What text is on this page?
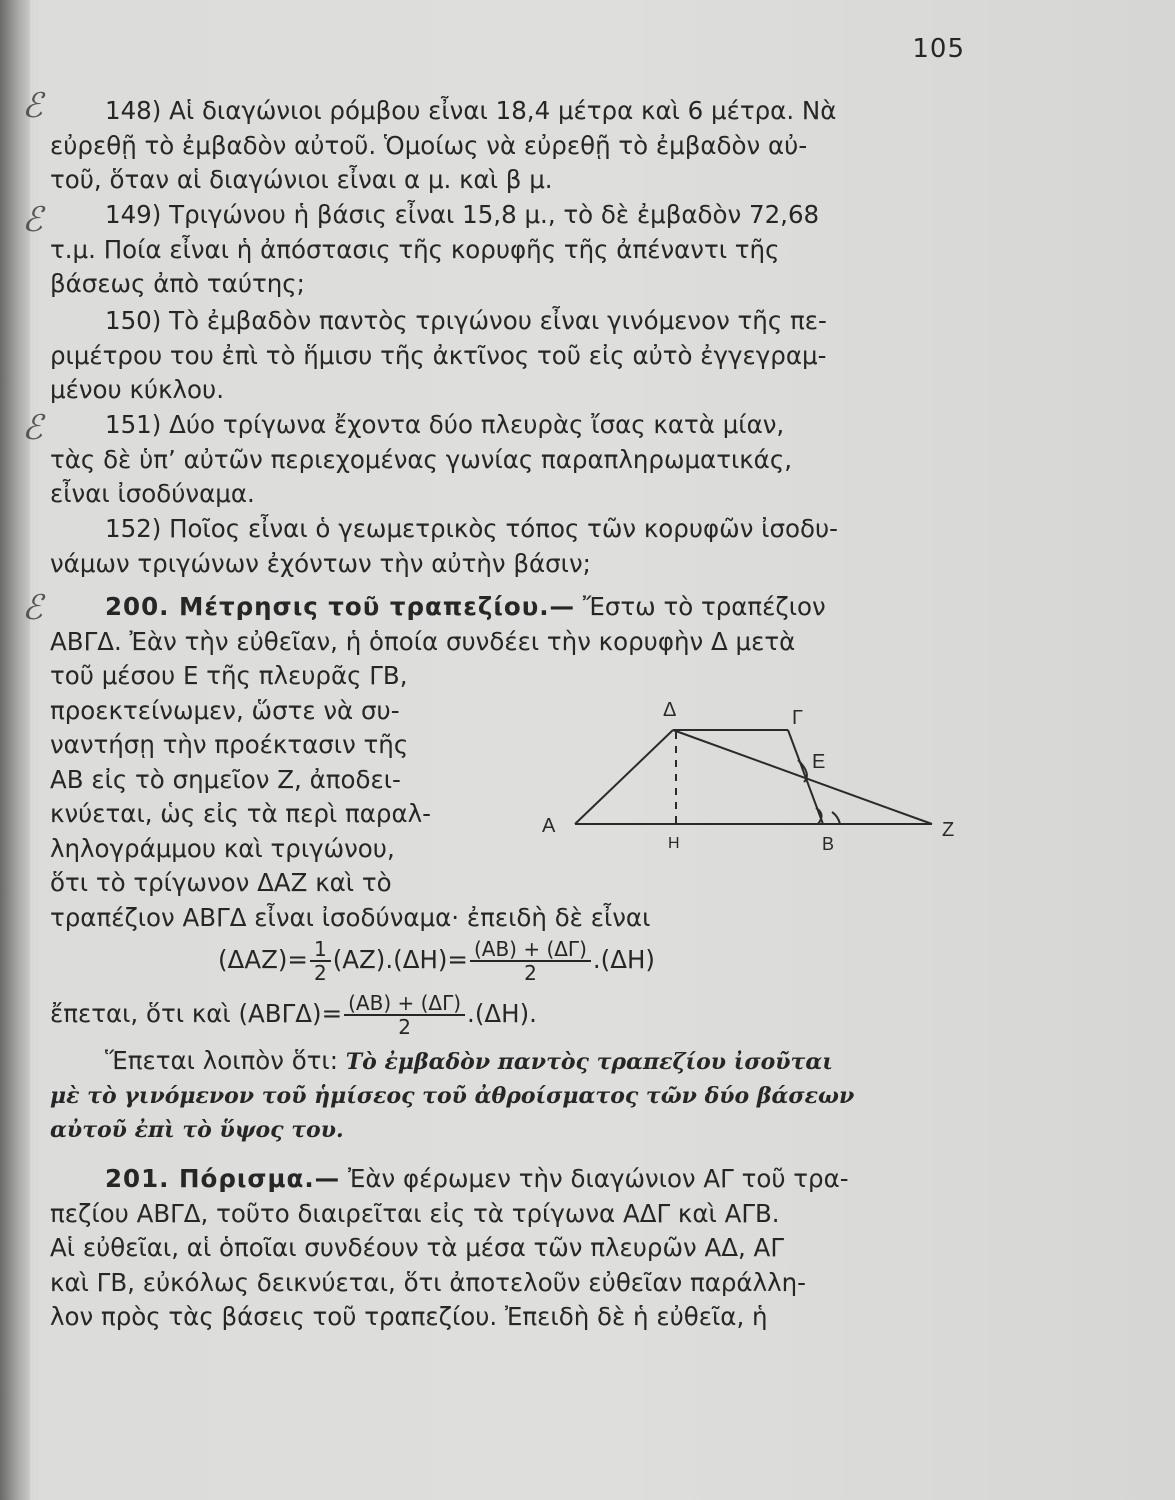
105
ℰ
ℰ
ℰ
ℰ
148) Αἱ διαγώνιοι ρόμβου εἶναι 18,4 μέτρα καὶ 6 μέτρα. Νὰ
εὐρεθῇ τὸ ἐμβαδὸν αὐτοῦ. Ὁμοίως νὰ εὐρεθῇ τὸ ἐμβαδὸν αὐ-
τοῦ, ὅταν αἱ διαγώνιοι εἶναι α μ. καὶ β μ.
149) Τριγώνου ἡ βάσις εἶναι 15,8 μ., τὸ δὲ ἐμβαδὸν 72,68
τ.μ. Ποία εἶναι ἡ ἀπόστασις τῆς κορυφῆς τῆς ἀπέναντι τῆς
βάσεως ἀπὸ ταύτης;
150) Τὸ ἐμβαδὸν παντὸς τριγώνου εἶναι γινόμενον τῆς πε-
ριμέτρου του ἐπὶ τὸ ἥμισυ τῆς ἀκτῖνος τοῦ εἰς αὐτὸ ἐγγεγραμ-
μένου κύκλου.
151) Δύο τρίγωνα ἔχοντα δύο πλευρὰς ἴσας κατὰ μίαν,
τὰς δὲ ὑπ’ αὐτῶν περιεχομένας γωνίας παραπληρωματικάς,
εἶναι ἰσοδύναμα.
152) Ποῖος εἶναι ὁ γεωμετρικὸς τόπος τῶν κορυφῶν ἰσοδυ-
νάμων τριγώνων ἐχόντων τὴν αὐτὴν βάσιν;
200. Μέτρησις τοῦ τραπεζίου.— Ἔστω τὸ τραπέζιον
ΑΒΓΔ. Ἐὰν τὴν εὐθεῖαν, ἡ ὁποία συνδέει τὴν κορυφὴν Δ μετὰ
τοῦ μέσου Ε τῆς πλευρᾶς ΓΒ,
προεκτείνωμεν, ὥστε νὰ συ-
ναντήσῃ τὴν προέκτασιν τῆς
ΑΒ εἰς τὸ σημεῖον Ζ, ἀποδει-
κνύεται, ὡς εἰς τὰ περὶ παραλ-
ληλογράμμου καὶ τριγώνου,
ὅτι τὸ τρίγωνον ΔΑΖ καὶ τὸ
τραπέζιον ΑΒΓΔ εἶναι ἰσοδύναμα· ἐπειδὴ δὲ εἶναι
Δ	Γ
Ε
Α
Η	Β
Ζ
$(\Delta AZ)= \frac{1}{2} (AZ).(\Delta H)= \frac{(AB) + (\Delta\Gamma)}{2} .(\Delta H)$
ἔπεται, ὅτι καὶ $(AB\Gamma\Delta)= \frac{(AB) + (\Delta\Gamma)}{2} .(\Delta H)$.
Ἕπεται λοιπὸν ὅτι: Τὸ ἐμβαδὸν παντὸς τραπεζίου ἰσοῦται
μὲ τὸ γινόμενον τοῦ ἡμίσεος τοῦ ἀθροίσματος τῶν δύο βάσεων
αὐτοῦ ἐπὶ τὸ ὕψος του.
201. Πόρισμα.— Ἐὰν φέρωμεν τὴν διαγώνιον ΑΓ τοῦ τρα-
πεζίου ΑΒΓΔ, τοῦτο διαιρεῖται εἰς τὰ τρίγωνα ΑΔΓ καὶ ΑΓΒ.
Αἱ εὐθεῖαι, αἱ ὁποῖαι συνδέουν τὰ μέσα τῶν πλευρῶν ΑΔ, ΑΓ
καὶ ΓΒ, εὐκόλως δεικνύεται, ὅτι ἀποτελοῦν εὐθεῖαν παράλλη-
λον πρὸς τὰς βάσεις τοῦ τραπεζίου. Ἐπειδὴ δὲ ἡ εὐθεῖα, ἡ
